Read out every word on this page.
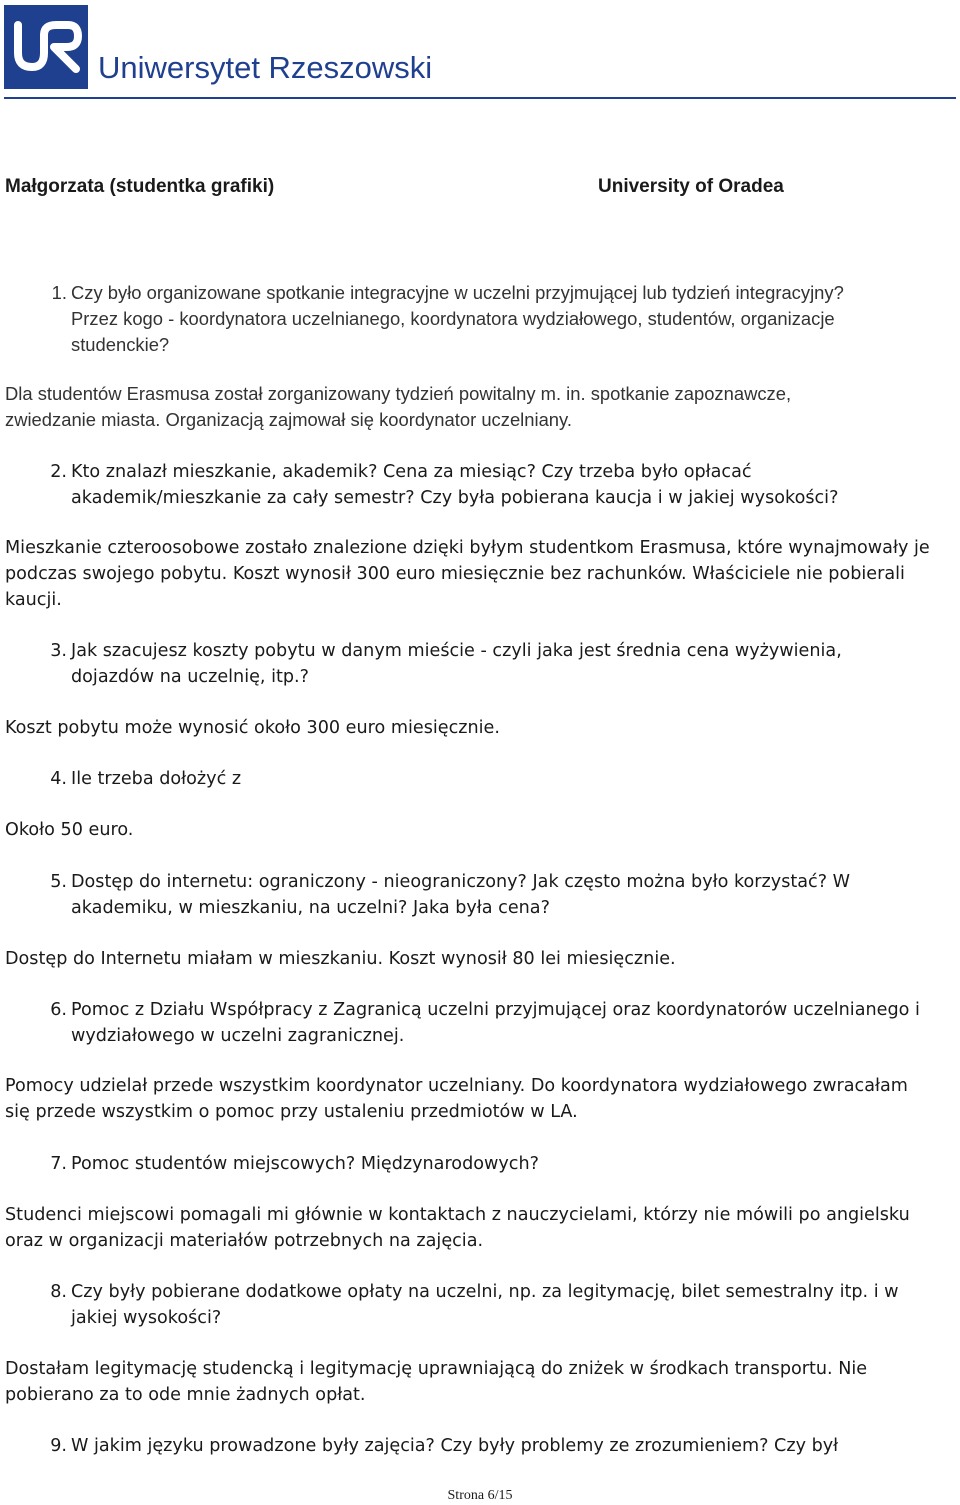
Uniwersytet Rzeszowski
Małgorzata (studentka grafiki)	University of Oradea
1. Czy było organizowane spotkanie integracyjne w uczelni przyjmującej lub tydzień integracyjny?
Przez kogo - koordynatora uczelnianego, koordynatora wydziałowego, studentów, organizacje
studenckie?
Dla studentów Erasmusa został zorganizowany tydzień powitalny m. in. spotkanie zapoznawcze,
zwiedzanie miasta. Organizacją zajmował się koordynator uczelniany.
2. Kto znalazł mieszkanie, akademik? Cena za miesiąc? Czy trzeba było opłacać
akademik/mieszkanie za cały semestr? Czy była pobierana kaucja i w jakiej wysokości?
Mieszkanie czteroosobowe zostało znalezione dzięki byłym studentkom Erasmusa, które wynajmowały je
podczas swojego pobytu. Koszt wynosił 300 euro miesięcznie bez rachunków. Właściciele nie pobierali
kaucji.
3. Jak szacujesz koszty pobytu w danym mieście - czyli jaka jest średnia cena wyżywienia,
dojazdów na uczelnię, itp.?
Koszt pobytu może wynosić około 300 euro miesięcznie.
4. Ile trzeba dołożyć z
Około 50 euro.
5. Dostęp do internetu: ograniczony - nieograniczony? Jak często można było korzystać? W
akademiku, w mieszkaniu, na uczelni? Jaka była cena?
Dostęp do Internetu miałam w mieszkaniu. Koszt wynosił 80 lei miesięcznie.
6. Pomoc z Działu Współpracy z Zagranicą uczelni przyjmującej oraz koordynatorów uczelnianego i
wydziałowego w uczelni zagranicznej.
Pomocy udzielał przede wszystkim koordynator uczelniany. Do koordynatora wydziałowego zwracałam
się przede wszystkim o pomoc przy ustaleniu przedmiotów w LA.
7. Pomoc studentów miejscowych? Międzynarodowych?
Studenci miejscowi pomagali mi głównie w kontaktach z nauczycielami, którzy nie mówili po angielsku
oraz w organizacji materiałów potrzebnych na zajęcia.
8. Czy były pobierane dodatkowe opłaty na uczelni, np. za legitymację, bilet semestralny itp. i w
jakiej wysokości?
Dostałam legitymację studencką i legitymację uprawniającą do zniżek w środkach transportu. Nie
pobierano za to ode mnie żadnych opłat.
9. W jakim języku prowadzone były zajęcia? Czy były problemy ze zrozumieniem? Czy był
Strona 6/15
